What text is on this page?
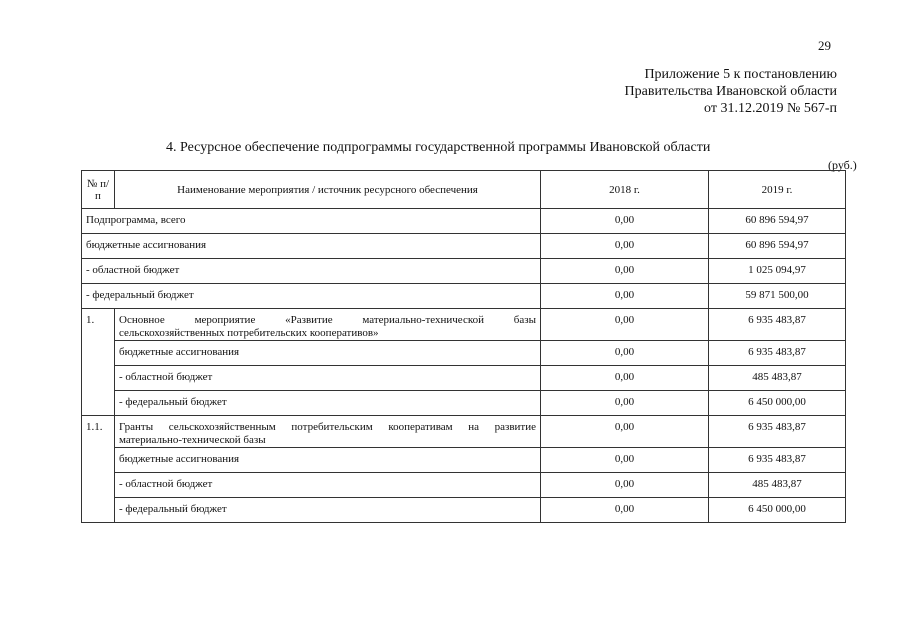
29
Приложение 5 к постановлению
Правительства Ивановской области
от 31.12.2019 № 567-п
4. Ресурсное обеспечение подпрограммы государственной программы Ивановской области
(руб.)
№ п/п	Наименование мероприятия / источник ресурсного обеспечения	2018 г.	2019 г.
Подпрограмма, всего		0,00	60 896 594,97
бюджетные ассигнования		0,00	60 896 594,97
- областной бюджет		0,00	1 025 094,97
- федеральный бюджет		0,00	59 871 500,00
1.	Основное мероприятие «Развитие материально-технической базы сельскохозяйственных потребительских кооперативов»	0,00	6 935 483,87
	бюджетные ассигнования	0,00	6 935 483,87
	- областной бюджет	0,00	485 483,87
	- федеральный бюджет	0,00	6 450 000,00
1.1.	Гранты сельскохозяйственным потребительским кооперативам на развитие материально-технической базы	0,00	6 935 483,87
	бюджетные ассигнования	0,00	6 935 483,87
	- областной бюджет	0,00	485 483,87
	- федеральный бюджет	0,00	6 450 000,00
